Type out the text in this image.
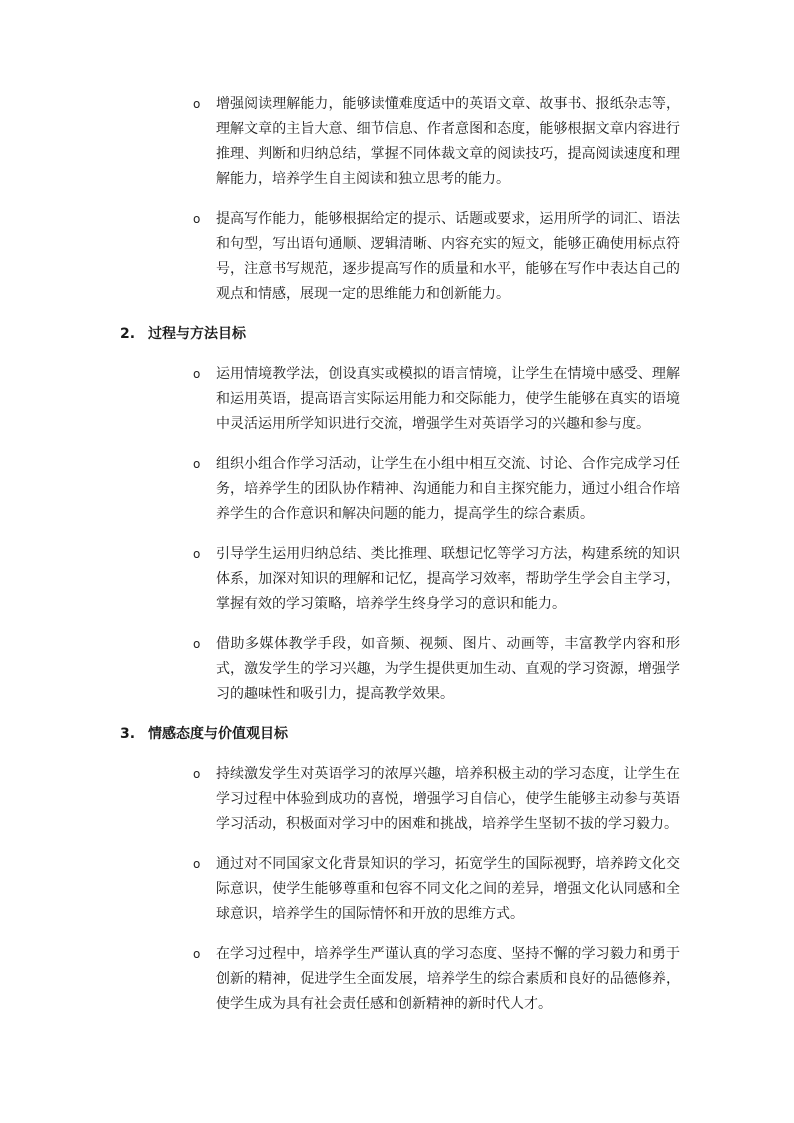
o 增强阅读理解能力，能够读懂难度适中的英语文章、故事书、报纸杂志等，理解文章的主旨大意、细节信息、作者意图和态度，能够根据文章内容进行推理、判断和归纳总结，掌握不同体裁文章的阅读技巧，提高阅读速度和理解能力，培养学生自主阅读和独立思考的能力。
o 提高写作能力，能够根据给定的提示、话题或要求，运用所学的词汇、语法和句型，写出语句通顺、逻辑清晰、内容充实的短文，能够正确使用标点符号，注意书写规范，逐步提高写作的质量和水平，能够在写作中表达自己的观点和情感，展现一定的思维能力和创新能力。
2. 过程与方法目标
o 运用情境教学法，创设真实或模拟的语言情境，让学生在情境中感受、理解和运用英语，提高语言实际运用能力和交际能力，使学生能够在真实的语境中灵活运用所学知识进行交流，增强学生对英语学习的兴趣和参与度。
o 组织小组合作学习活动，让学生在小组中相互交流、讨论、合作完成学习任务，培养学生的团队协作精神、沟通能力和自主探究能力，通过小组合作培养学生的合作意识和解决问题的能力，提高学生的综合素质。
o 引导学生运用归纳总结、类比推理、联想记忆等学习方法，构建系统的知识体系，加深对知识的理解和记忆，提高学习效率，帮助学生学会自主学习，掌握有效的学习策略，培养学生终身学习的意识和能力。
o 借助多媒体教学手段，如音频、视频、图片、动画等，丰富教学内容和形式，激发学生的学习兴趣，为学生提供更加生动、直观的学习资源，增强学习的趣味性和吸引力，提高教学效果。
3. 情感态度与价值观目标
o 持续激发学生对英语学习的浓厚兴趣，培养积极主动的学习态度，让学生在学习过程中体验到成功的喜悦，增强学习自信心，使学生能够主动参与英语学习活动，积极面对学习中的困难和挑战，培养学生坚韧不拔的学习毅力。
o 通过对不同国家文化背景知识的学习，拓宽学生的国际视野，培养跨文化交际意识，使学生能够尊重和包容不同文化之间的差异，增强文化认同感和全球意识，培养学生的国际情怀和开放的思维方式。
o 在学习过程中，培养学生严谨认真的学习态度、坚持不懈的学习毅力和勇于创新的精神，促进学生全面发展，培养学生的综合素质和良好的品德修养，使学生成为具有社会责任感和创新精神的新时代人才。
